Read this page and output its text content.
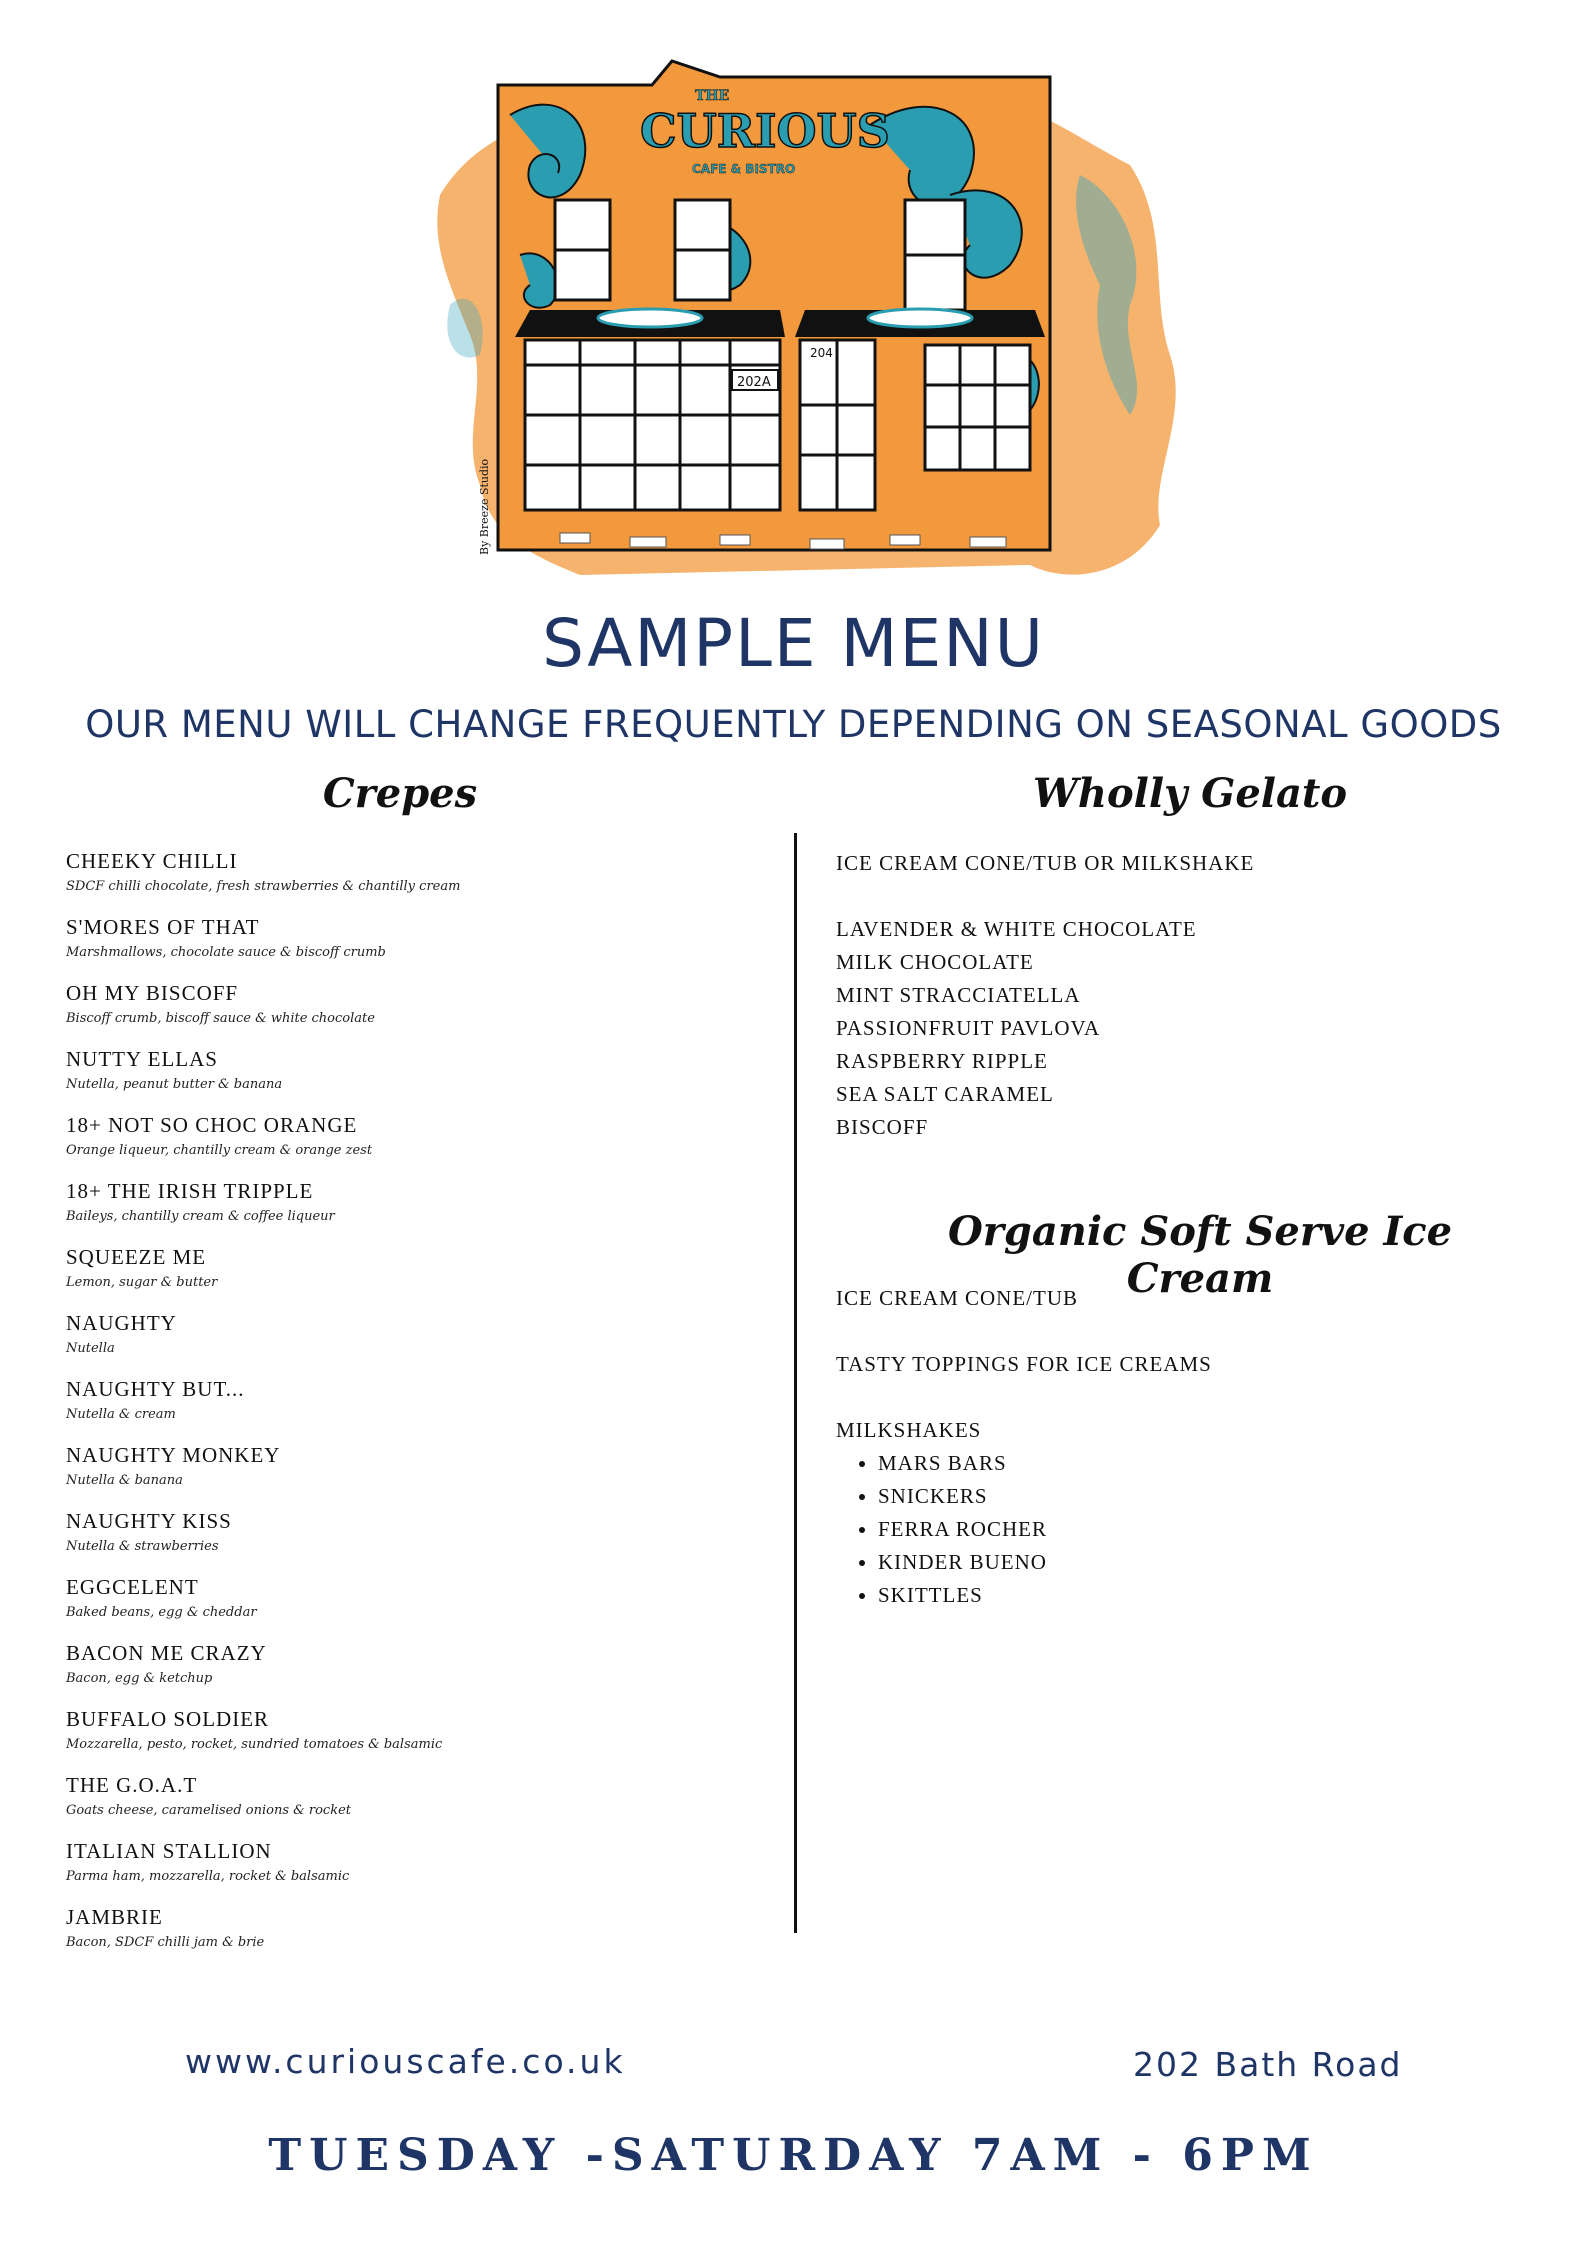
THE
CURIOUS
CAFE & BISTRO
202A
204
By Breeze Studio
SAMPLE MENU
OUR MENU WILL CHANGE FREQUENTLY DEPENDING ON SEASONAL GOODS
Crepes	Wholly Gelato
CHEEKY CHILLI
SDCF chilli chocolate, fresh strawberries & chantilly cream
S'MORES OF THAT
Marshmallows, chocolate sauce & biscoff crumb
OH MY BISCOFF
Biscoff crumb, biscoff sauce & white chocolate
NUTTY ELLAS
Nutella, peanut butter & banana
18+ NOT SO CHOC ORANGE
Orange liqueur, chantilly cream & orange zest
18+ THE IRISH TRIPPLE
Baileys, chantilly cream & coffee liqueur
SQUEEZE ME
Lemon, sugar & butter
NAUGHTY
Nutella
NAUGHTY BUT...
Nutella & cream
NAUGHTY MONKEY
Nutella & banana
NAUGHTY KISS
Nutella & strawberries
EGGCELENT
Baked beans, egg & cheddar
BACON ME CRAZY
Bacon, egg & ketchup
BUFFALO SOLDIER
Mozzarella, pesto, rocket, sundried tomatoes & balsamic
THE G.O.A.T
Goats cheese, caramelised onions & rocket
ITALIAN STALLION
Parma ham, mozzarella, rocket & balsamic
JAMBRIE
Bacon, SDCF chilli jam & brie
ICE CREAM CONE/TUB OR MILKSHAKE
LAVENDER & WHITE CHOCOLATE
MILK CHOCOLATE
MINT STRACCIATELLA
PASSIONFRUIT PAVLOVA
RASPBERRY RIPPLE
SEA SALT CARAMEL
BISCOFF
Organic Soft Serve Ice Cream
ICE CREAM CONE/TUB
TASTY TOPPINGS FOR ICE CREAMS
MILKSHAKES
• MARS BARS
• SNICKERS
• FERRA ROCHER
• KINDER BUENO
• SKITTLES
www.curiouscafe.co.uk	202 Bath Road
TUESDAY -SATURDAY 7AM - 6PM
